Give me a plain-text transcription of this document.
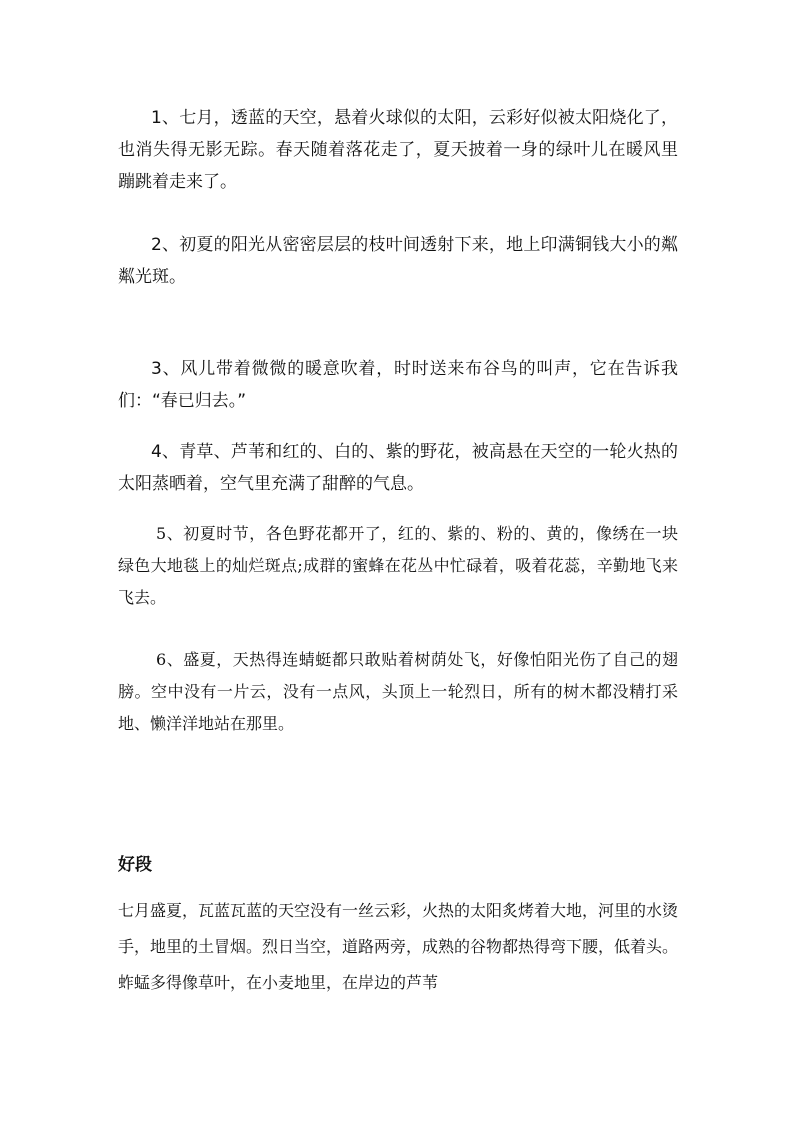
1、七月，透蓝的天空，悬着火球似的太阳，云彩好似被太阳烧化了，也消失得无影无踪。春天随着落花走了，夏天披着一身的绿叶儿在暖风里蹦跳着走来了。

2、初夏的阳光从密密层层的枝叶间透射下来，地上印满铜钱大小的粼粼光斑。

3、风儿带着微微的暖意吹着，时时送来布谷鸟的叫声，它在告诉我们：“春已归去。”

4、青草、芦苇和红的、白的、紫的野花，被高悬在天空的一轮火热的太阳蒸晒着，空气里充满了甜醉的气息。

5、初夏时节，各色野花都开了，红的、紫的、粉的、黄的，像绣在一块绿色大地毯上的灿烂斑点;成群的蜜蜂在花丛中忙碌着，吸着花蕊，辛勤地飞来飞去。

6、盛夏，天热得连蜻蜓都只敢贴着树荫处飞，好像怕阳光伤了自己的翅膀。空中没有一片云，没有一点风，头顶上一轮烈日，所有的树木都没精打采地、懒洋洋地站在那里。

好段

七月盛夏，瓦蓝瓦蓝的天空没有一丝云彩，火热的太阳炙烤着大地，河里的水烫手，地里的土冒烟。烈日当空，道路两旁，成熟的谷物都热得弯下腰，低着头。蚱蜢多得像草叶，在小麦地里，在岸边的芦苇
